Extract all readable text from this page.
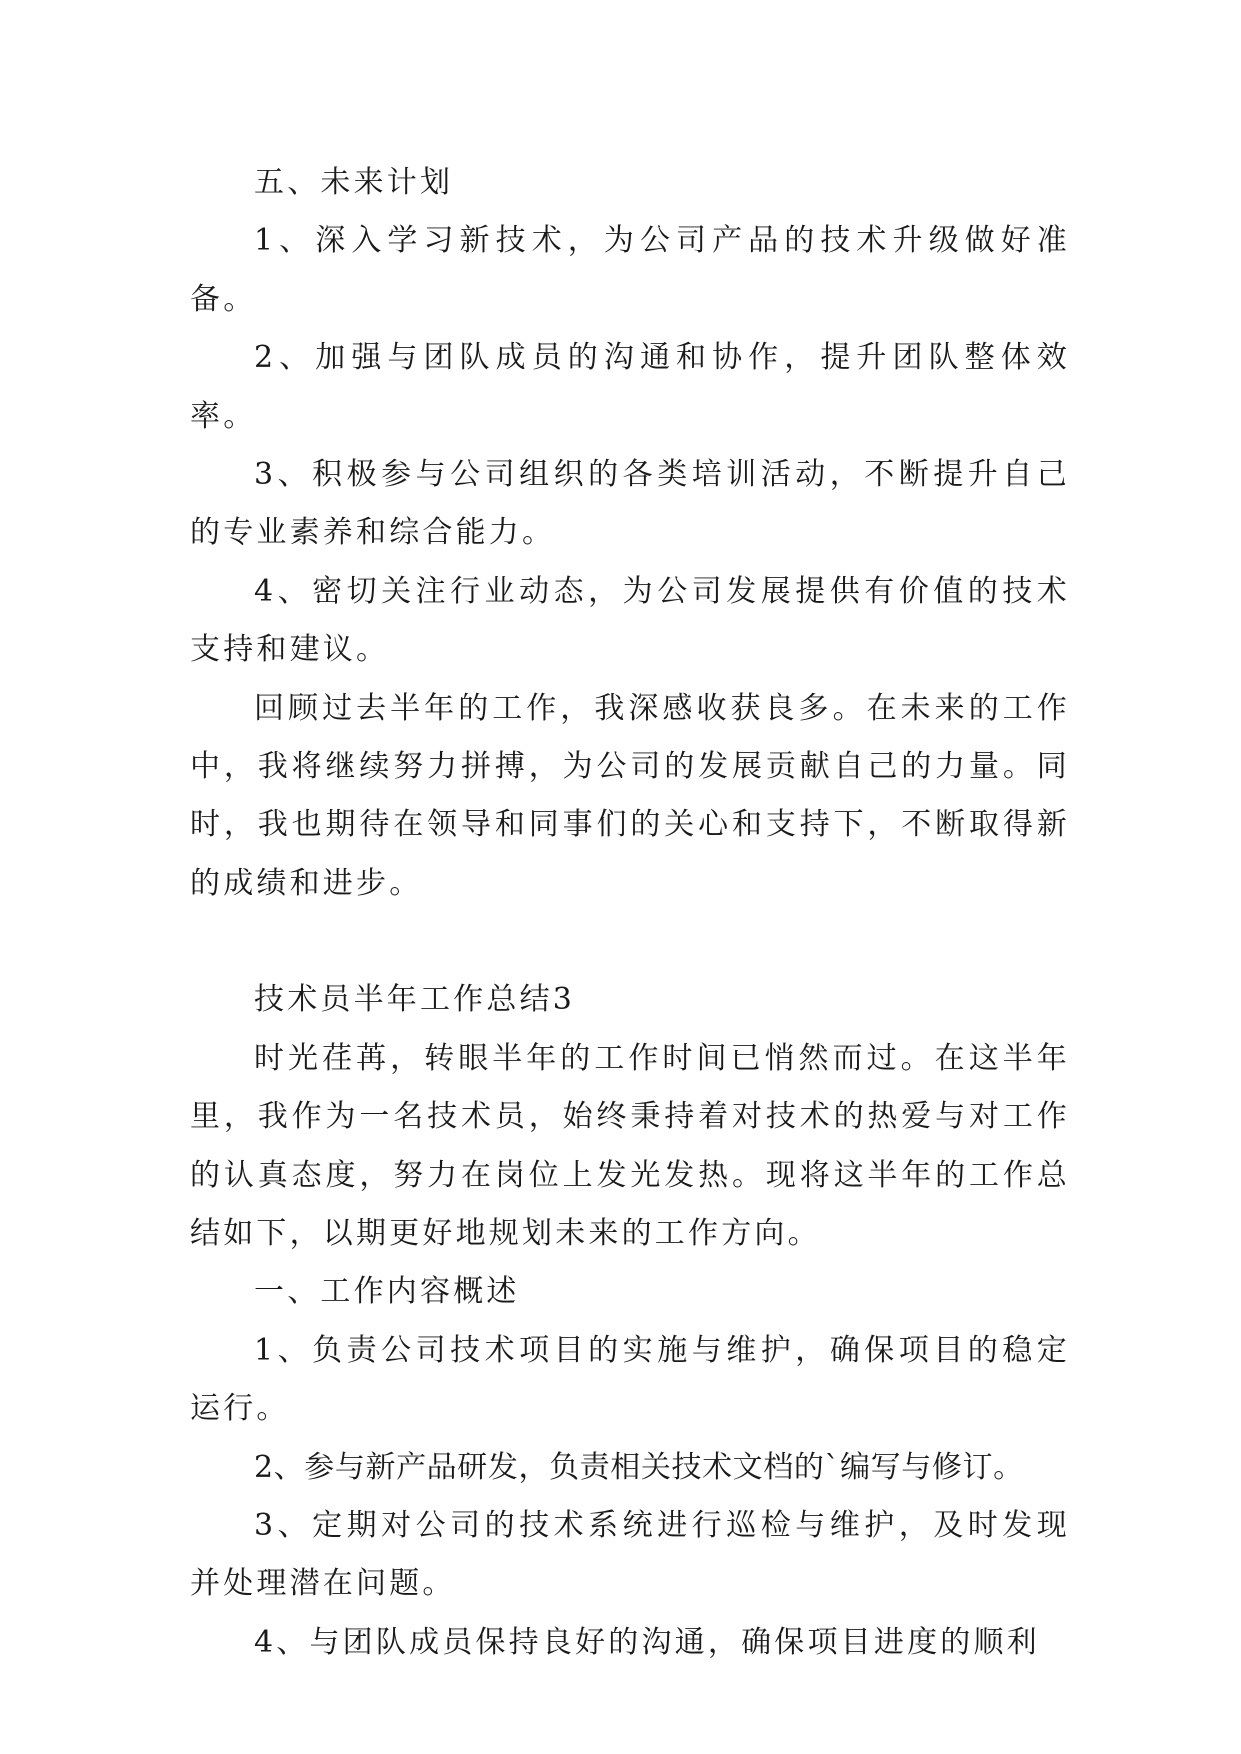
五、未来计划

1、深入学习新技术，为公司产品的技术升级做好准备。

2、加强与团队成员的沟通和协作，提升团队整体效率。

3、积极参与公司组织的各类培训活动，不断提升自己的专业素养和综合能力。

4、密切关注行业动态，为公司发展提供有价值的技术支持和建议。

回顾过去半年的工作，我深感收获良多。在未来的工作中，我将继续努力拼搏，为公司的发展贡献自己的力量。同时，我也期待在领导和同事们的关心和支持下，不断取得新的成绩和进步。

技术员半年工作总结3

时光荏苒，转眼半年的工作时间已悄然而过。在这半年里，我作为一名技术员，始终秉持着对技术的热爱与对工作的认真态度，努力在岗位上发光发热。现将这半年的工作总结如下，以期更好地规划未来的工作方向。

一、工作内容概述

1、负责公司技术项目的实施与维护，确保项目的稳定运行。

2、参与新产品研发，负责相关技术文档的`编写与修订。

3、定期对公司的技术系统进行巡检与维护，及时发现并处理潜在问题。

4、与团队成员保持良好的沟通，确保项目进度的顺利
